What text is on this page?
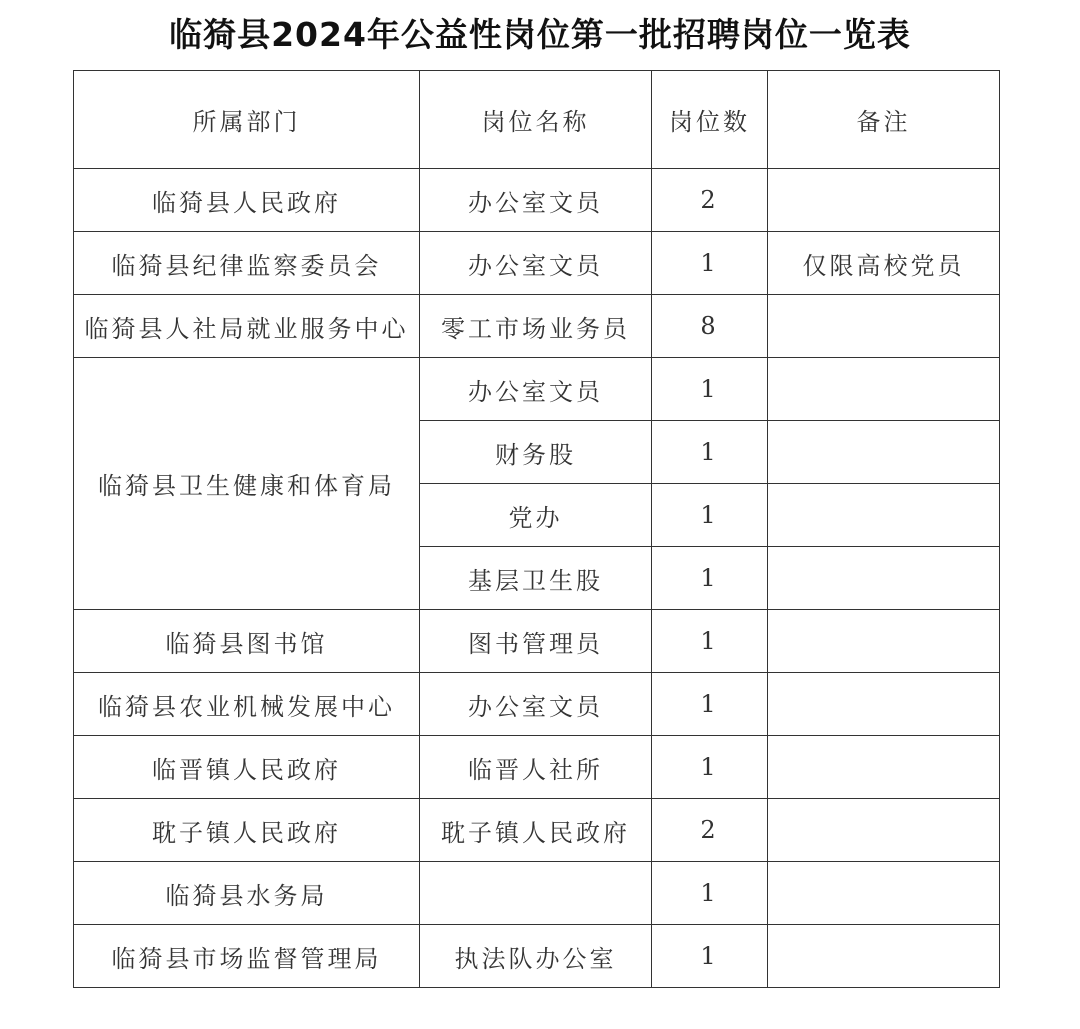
临猗县2024年公益性岗位第一批招聘岗位一览表
所属部门	岗位名称	岗位数	备注
临猗县人民政府	办公室文员	2	
临猗县纪律监察委员会	办公室文员	1	仅限高校党员
临猗县人社局就业服务中心	零工市场业务员	8	
临猗县卫生健康和体育局	办公室文员	1	
	财务股	1	
	党办	1	
	基层卫生股	1	
临猗县图书馆	图书管理员	1	
临猗县农业机械发展中心	办公室文员	1	
临晋镇人民政府	临晋人社所	1	
耽子镇人民政府	耽子镇人民政府	2	
临猗县水务局		1	
临猗县市场监督管理局	执法队办公室	1	
